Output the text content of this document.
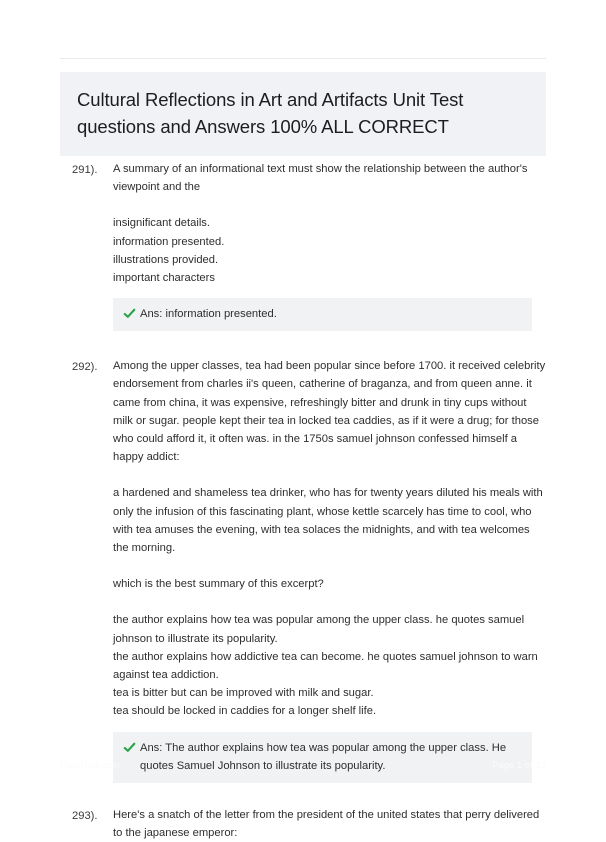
Cultural Reflections in Art and Artifacts Unit Test
questions and Answers 100% ALL CORRECT
291).	A summary of an informational text must show the relationship between the author's viewpoint and the

insignificant details.
information presented.
illustrations provided.
important characters
Ans: information presented.
292).	Among the upper classes, tea had been popular since before 1700. it received celebrity endorsement from charles ii's queen, catherine of braganza, and from queen anne. it came from china, it was expensive, refreshingly bitter and drunk in tiny cups without milk or sugar. people kept their tea in locked tea caddies, as if it were a drug; for those who could afford it, it often was. in the 1750s samuel johnson confessed himself a happy addict:

a hardened and shameless tea drinker, who has for twenty years diluted his meals with only the infusion of this fascinating plant, whose kettle scarcely has time to cool, who with tea amuses the evening, with tea solaces the midnights, and with tea welcomes the morning.

which is the best summary of this excerpt?

the author explains how tea was popular among the upper class. he quotes samuel johnson to illustrate its popularity.
the author explains how addictive tea can become. he quotes samuel johnson to warn against tea addiction.
tea is bitter but can be improved with milk and sugar.
tea should be locked in caddies for a longer shelf life.
Ans: The author explains how tea was popular among the upper class. He quotes Samuel Johnson to illustrate its popularity.
293).	Here's a snatch of the letter from the president of the united states that perry delivered to the japanese emperor:

PaperTitle.com	Page 1 of 12
